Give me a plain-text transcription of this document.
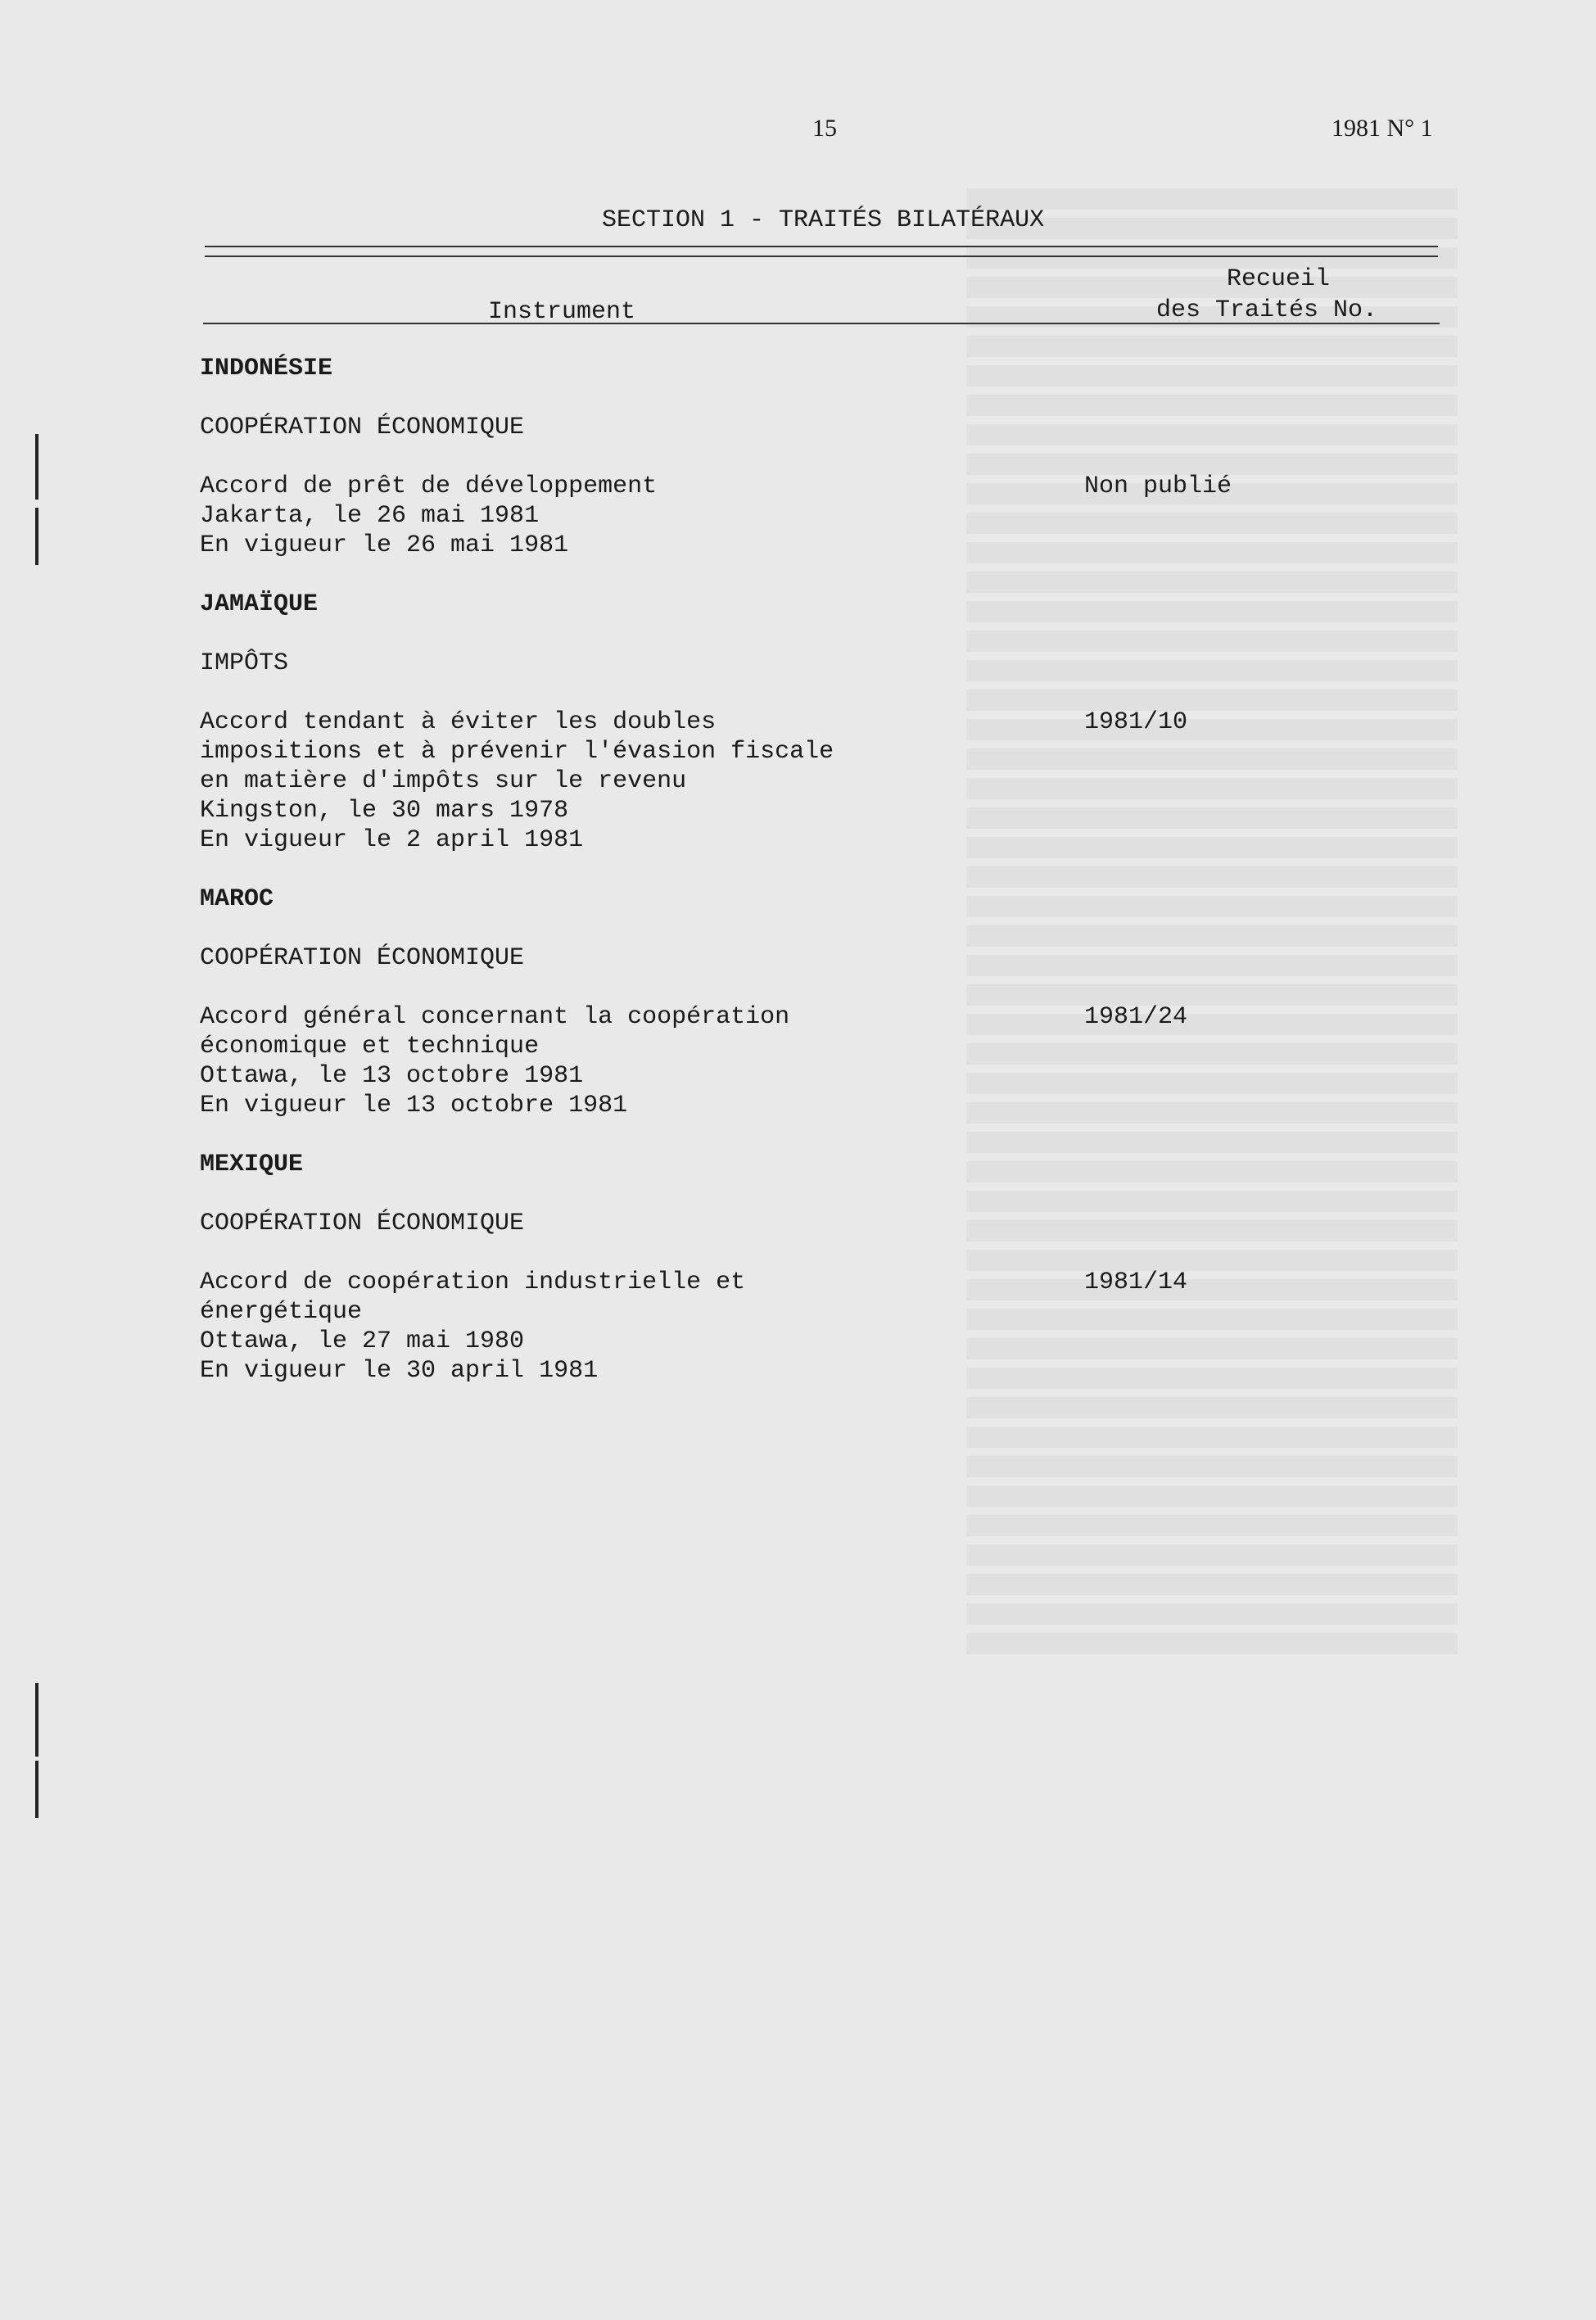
15	1981 N° 1
SECTION 1 - TRAITÉS BILATÉRAUX
Recueil
Instrument	des Traités No.

INDONÉSIE

COOPÉRATION ÉCONOMIQUE

Accord de prêt de développement
Jakarta, le 26 mai 1981
En vigueur le 26 mai 1981
Non publié

JAMAÏQUE

IMPÔTS

Accord tendant à éviter les doubles
impositions et à prévenir l'évasion fiscale
en matière d'impôts sur le revenu
Kingston, le 30 mars 1978
En vigueur le 2 april 1981
1981/10

MAROC

COOPÉRATION ÉCONOMIQUE

Accord général concernant la coopération
économique et technique
Ottawa, le 13 octobre 1981
En vigueur le 13 octobre 1981
1981/24

MEXIQUE

COOPÉRATION ÉCONOMIQUE

Accord de coopération industrielle et
énergétique
Ottawa, le 27 mai 1980
En vigueur le 30 april 1981
1981/14
